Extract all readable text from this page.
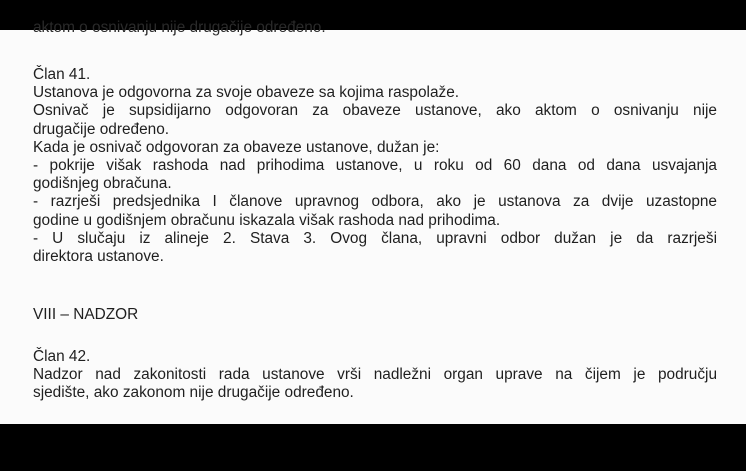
aktom o osnivanju nije drugačije određeno.
Član 41.
Ustanova je odgovorna za svoje obaveze sa kojima raspolaže.
Osnivač je supsidijarno odgovoran za obaveze ustanove, ako aktom o osnivanju nije
drugačije određeno.
Kada je osnivač odgovoran za obaveze ustanove, dužan je:
- pokrije višak rashoda nad prihodima ustanove, u roku od 60 dana od dana usvajanja
godišnjeg obračuna.
- razrješi predsjednika I članove upravnog odbora, ako je ustanova za dvije uzastopne
godine u godišnjem obračunu iskazala višak rashoda nad prihodima.
- U slučaju iz alineje 2. Stava 3. Ovog člana, upravni odbor dužan je da razrješi
direktora ustanove.
VIII – NADZOR
Član 42.
Nadzor nad zakonitosti rada ustanove vrši nadležni organ uprave na čijem je području
sjedište, ako zakonom nije drugačije određeno.
